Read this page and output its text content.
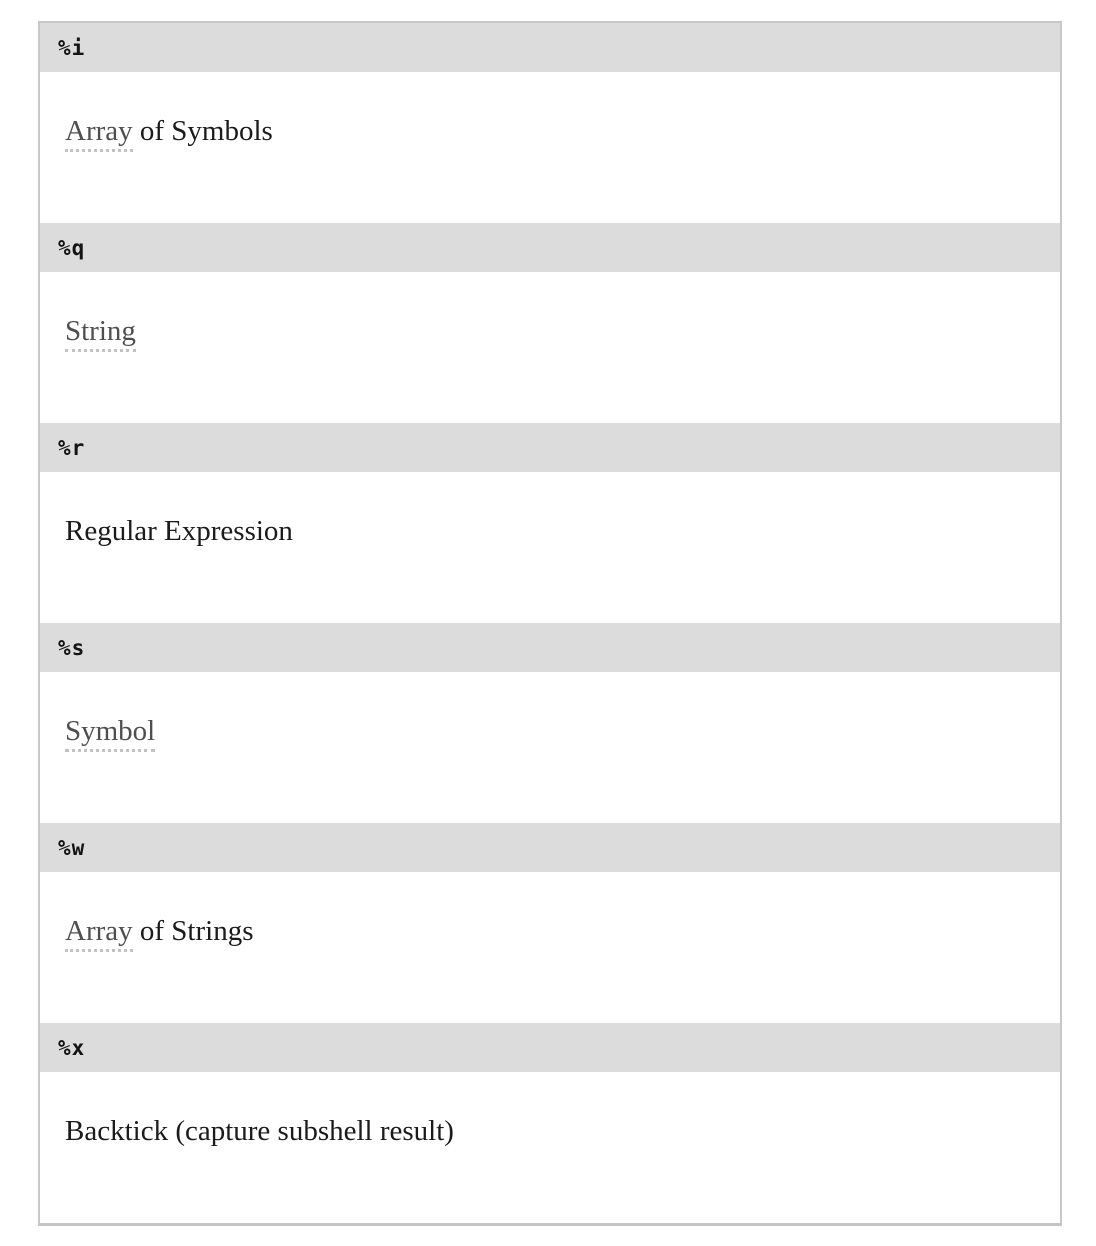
%i
Array of Symbols
%q
String
%r
Regular Expression
%s
Symbol
%w
Array of Strings
%x
Backtick (capture subshell result)
